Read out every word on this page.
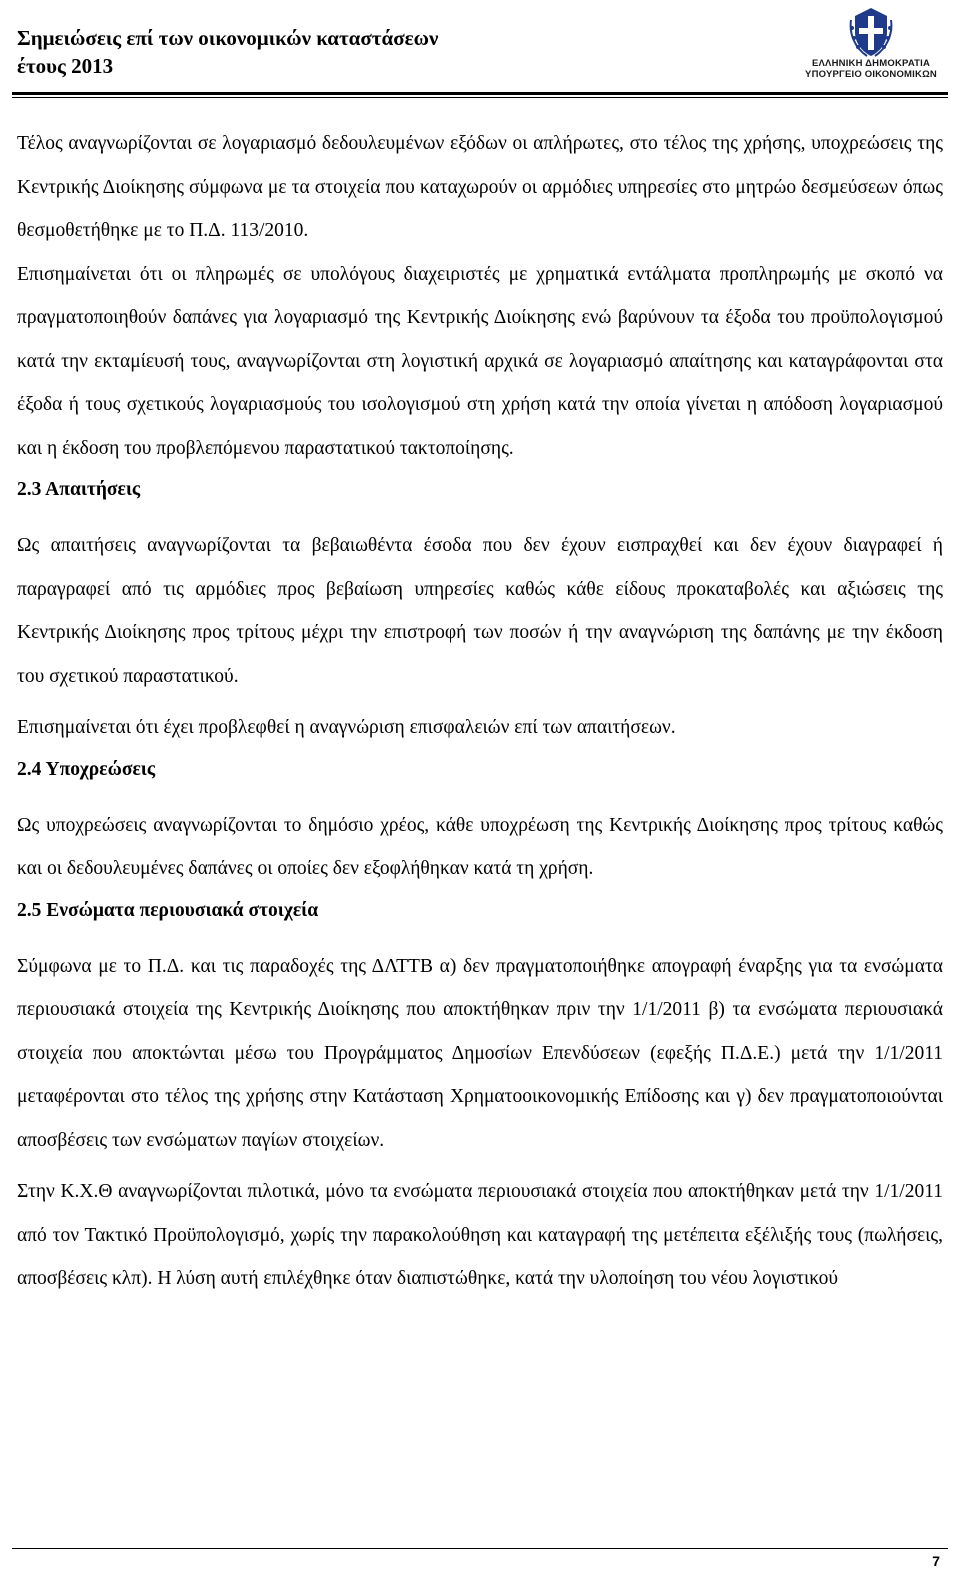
Σημειώσεις επί των οικονομικών καταστάσεων
έτους 2013	ΕΛΛΗΝΙΚΗ ΔΗΜΟΚΡΑΤΙΑ
ΥΠΟΥΡΓΕΙΟ ΟΙΚΟΝΟΜΙΚΩΝ

Τέλος αναγνωρίζονται σε λογαριασμό δεδουλευμένων εξόδων οι απλήρωτες, στο τέλος της χρήσης, υποχρεώσεις της Κεντρικής Διοίκησης σύμφωνα με τα στοιχεία που καταχωρούν οι αρμόδιες υπηρεσίες στο μητρώο δεσμεύσεων όπως θεσμοθετήθηκε με το Π.Δ. 113/2010.

Επισημαίνεται ότι οι πληρωμές σε υπολόγους διαχειριστές με χρηματικά εντάλματα προπληρωμής με σκοπό να πραγματοποιηθούν δαπάνες για λογαριασμό της Κεντρικής Διοίκησης ενώ βαρύνουν τα έξοδα του προϋπολογισμού κατά την εκταμίευσή τους, αναγνωρίζονται στη λογιστική αρχικά σε λογαριασμό απαίτησης και καταγράφονται στα έξοδα ή τους σχετικούς λογαριασμούς του ισολογισμού στη χρήση κατά την οποία γίνεται η απόδοση λογαριασμού και η έκδοση του προβλεπόμενου παραστατικού τακτοποίησης.

2.3 Απαιτήσεις

Ως απαιτήσεις αναγνωρίζονται τα βεβαιωθέντα έσοδα που δεν έχουν εισπραχθεί και δεν έχουν διαγραφεί ή παραγραφεί από τις αρμόδιες προς βεβαίωση υπηρεσίες καθώς κάθε είδους προκαταβολές και αξιώσεις της Κεντρικής Διοίκησης προς τρίτους μέχρι την επιστροφή των ποσών ή την αναγνώριση της δαπάνης με την έκδοση του σχετικού παραστατικού.

Επισημαίνεται ότι έχει προβλεφθεί η αναγνώριση επισφαλειών επί των απαιτήσεων.

2.4 Υποχρεώσεις

Ως υποχρεώσεις αναγνωρίζονται το δημόσιο χρέος, κάθε υποχρέωση της Κεντρικής Διοίκησης προς τρίτους καθώς και οι δεδουλευμένες δαπάνες οι οποίες δεν εξοφλήθηκαν κατά τη χρήση.

2.5 Ενσώματα περιουσιακά στοιχεία

Σύμφωνα με το Π.Δ. και τις παραδοχές της ΔΛΤΤΒ α) δεν πραγματοποιήθηκε απογραφή έναρξης για τα ενσώματα περιουσιακά στοιχεία της Κεντρικής Διοίκησης που αποκτήθηκαν πριν την 1/1/2011 β) τα ενσώματα περιουσιακά στοιχεία που αποκτώνται μέσω του Προγράμματος Δημοσίων Επενδύσεων (εφεξής Π.Δ.Ε.) μετά την 1/1/2011 μεταφέρονται στο τέλος της χρήσης στην Κατάσταση Χρηματοοικονομικής Επίδοσης και γ) δεν πραγματοποιούνται αποσβέσεις των ενσώματων παγίων στοιχείων.

Στην Κ.Χ.Θ αναγνωρίζονται πιλοτικά, μόνο τα ενσώματα περιουσιακά στοιχεία που αποκτήθηκαν μετά την 1/1/2011 από τον Τακτικό Προϋπολογισμό, χωρίς την παρακολούθηση και καταγραφή της μετέπειτα εξέλιξής τους (πωλήσεις, αποσβέσεις κλπ). Η λύση αυτή επιλέχθηκε όταν διαπιστώθηκε, κατά την υλοποίηση του νέου λογιστικού

7
